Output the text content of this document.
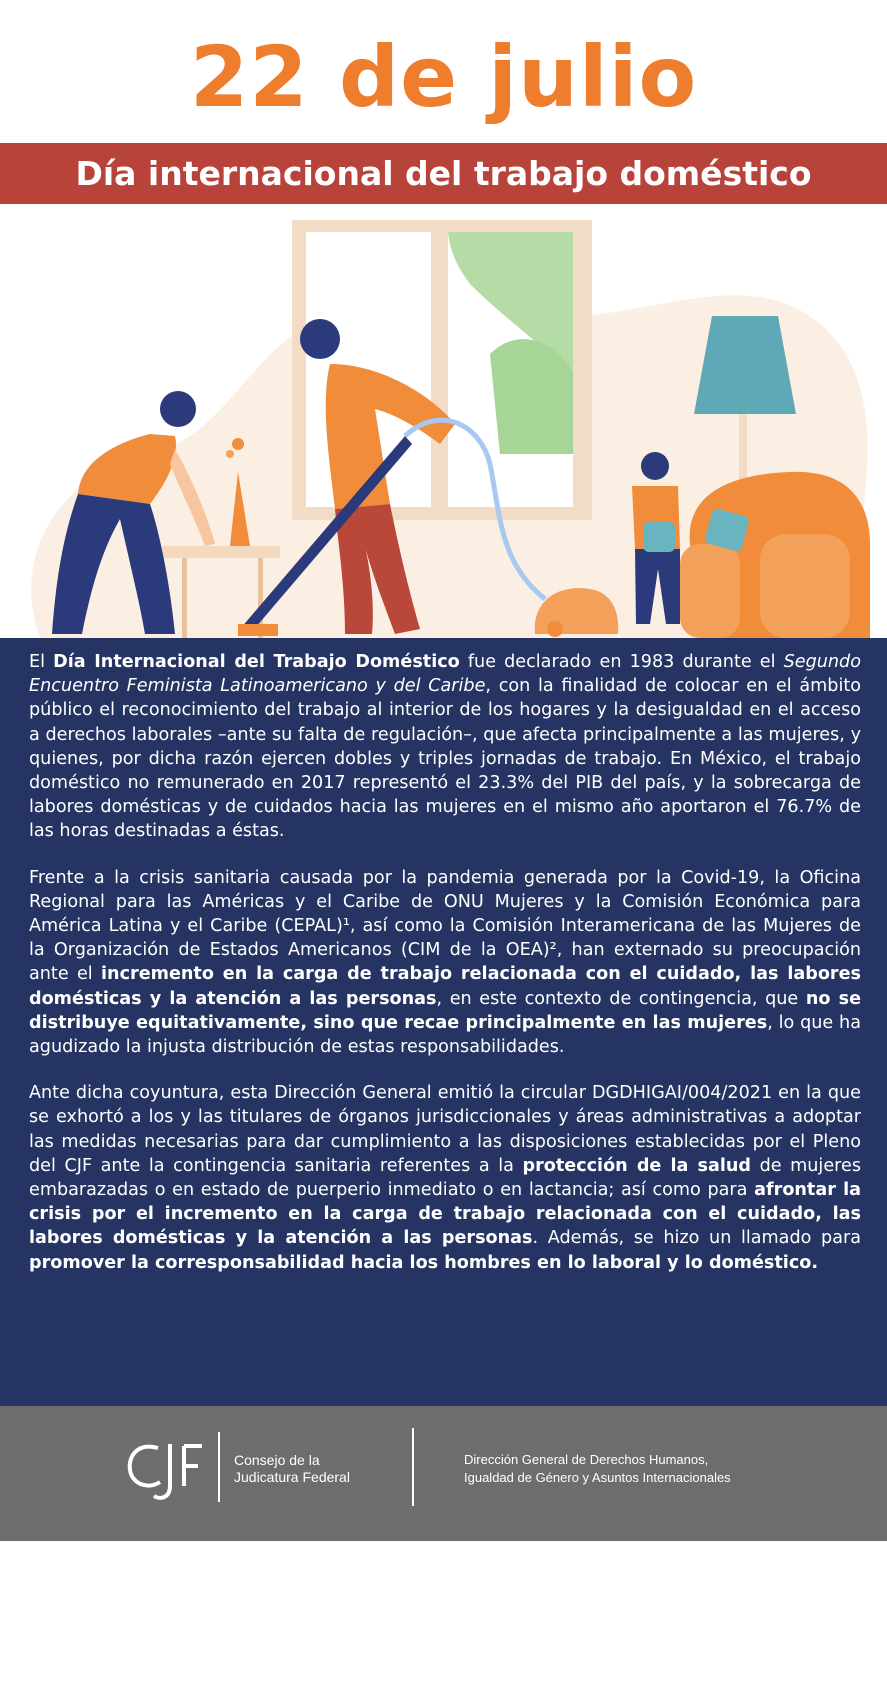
22 de julio
Día internacional del trabajo doméstico

El Día Internacional del Trabajo Doméstico fue declarado en 1983 durante el Segundo Encuentro Feminista Latinoamericano y del Caribe, con la finalidad de colocar en el ámbito público el reconocimiento del trabajo al interior de los hogares y la desigualdad en el acceso a derechos laborales –ante su falta de regulación–, que afecta principalmente a las mujeres, y quienes, por dicha razón ejercen dobles y triples jornadas de trabajo. En México, el trabajo doméstico no remunerado en 2017 representó el 23.3% del PIB del país, y la sobrecarga de labores domésticas y de cuidados hacia las mujeres en el mismo año aportaron el 76.7% de las horas destinadas a éstas.

Frente a la crisis sanitaria causada por la pandemia generada por la Covid-19, la Oficina Regional para las Américas y el Caribe de ONU Mujeres y la Comisión Económica para América Latina y el Caribe (CEPAL)¹, así como la Comisión Interamericana de las Mujeres de la Organización de Estados Americanos (CIM de la OEA)², han externado su preocupación ante el incremento en la carga de trabajo relacionada con el cuidado, las labores domésticas y la atención a las personas, en este contexto de contingencia, que no se distribuye equitativamente, sino que recae principalmente en las mujeres, lo que ha agudizado la injusta distribución de estas responsabilidades.

Ante dicha coyuntura, esta Dirección General emitió la circular DGDHIGAI/004/2021 en la que se exhortó a los y las titulares de órganos jurisdiccionales y áreas administrativas a adoptar las medidas necesarias para dar cumplimiento a las disposiciones establecidas por el Pleno del CJF ante la contingencia sanitaria referentes a la protección de la salud de mujeres embarazadas o en estado de puerperio inmediato o en lactancia; así como para afrontar la crisis por el incremento en la carga de trabajo relacionada con el cuidado, las labores domésticas y la atención a las personas. Además, se hizo un llamado para promover la corresponsabilidad hacia los hombres en lo laboral y lo doméstico.

1 Disponible en: Cuidados en América Latina y el Caribe en tiempos de COVID-19. Hacia sistemas integrales para fortalecer la respuesta de la recuperación
2 Disponible en: COVID-19 en la vida de las mujeres. Razones para reconocer los impactos diferenciados
Consejo de la
Judicatura Federal
Dirección General de Derechos Humanos,
Igualdad de Género y Asuntos Internacionales
